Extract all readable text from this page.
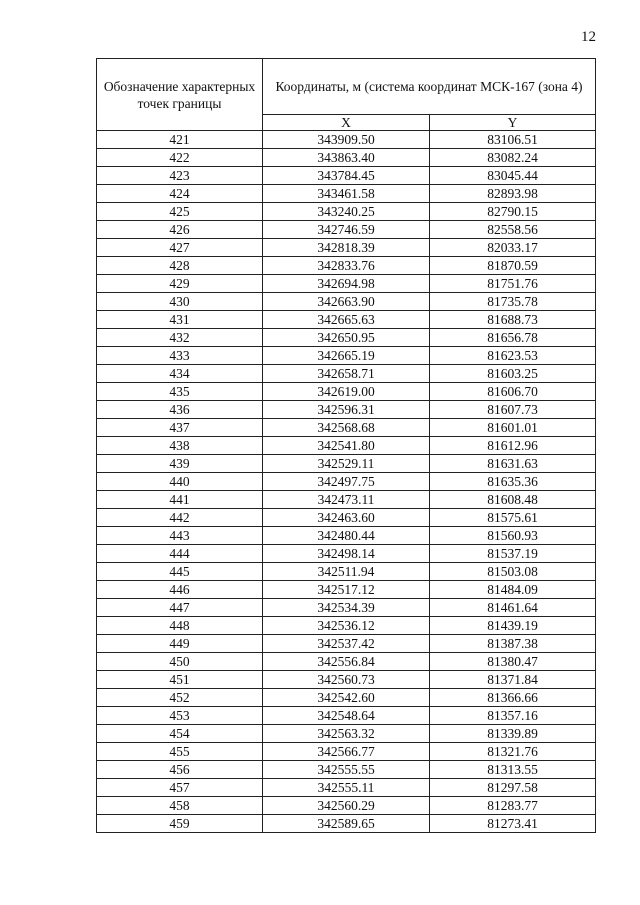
12
Обозначение характерных точек границы	Координаты, м (система координат МСК-167 (зона 4)	
	X	Y
421	343909.50	83106.51
422	343863.40	83082.24
423	343784.45	83045.44
424	343461.58	82893.98
425	343240.25	82790.15
426	342746.59	82558.56
427	342818.39	82033.17
428	342833.76	81870.59
429	342694.98	81751.76
430	342663.90	81735.78
431	342665.63	81688.73
432	342650.95	81656.78
433	342665.19	81623.53
434	342658.71	81603.25
435	342619.00	81606.70
436	342596.31	81607.73
437	342568.68	81601.01
438	342541.80	81612.96
439	342529.11	81631.63
440	342497.75	81635.36
441	342473.11	81608.48
442	342463.60	81575.61
443	342480.44	81560.93
444	342498.14	81537.19
445	342511.94	81503.08
446	342517.12	81484.09
447	342534.39	81461.64
448	342536.12	81439.19
449	342537.42	81387.38
450	342556.84	81380.47
451	342560.73	81371.84
452	342542.60	81366.66
453	342548.64	81357.16
454	342563.32	81339.89
455	342566.77	81321.76
456	342555.55	81313.55
457	342555.11	81297.58
458	342560.29	81283.77
459	342589.65	81273.41
